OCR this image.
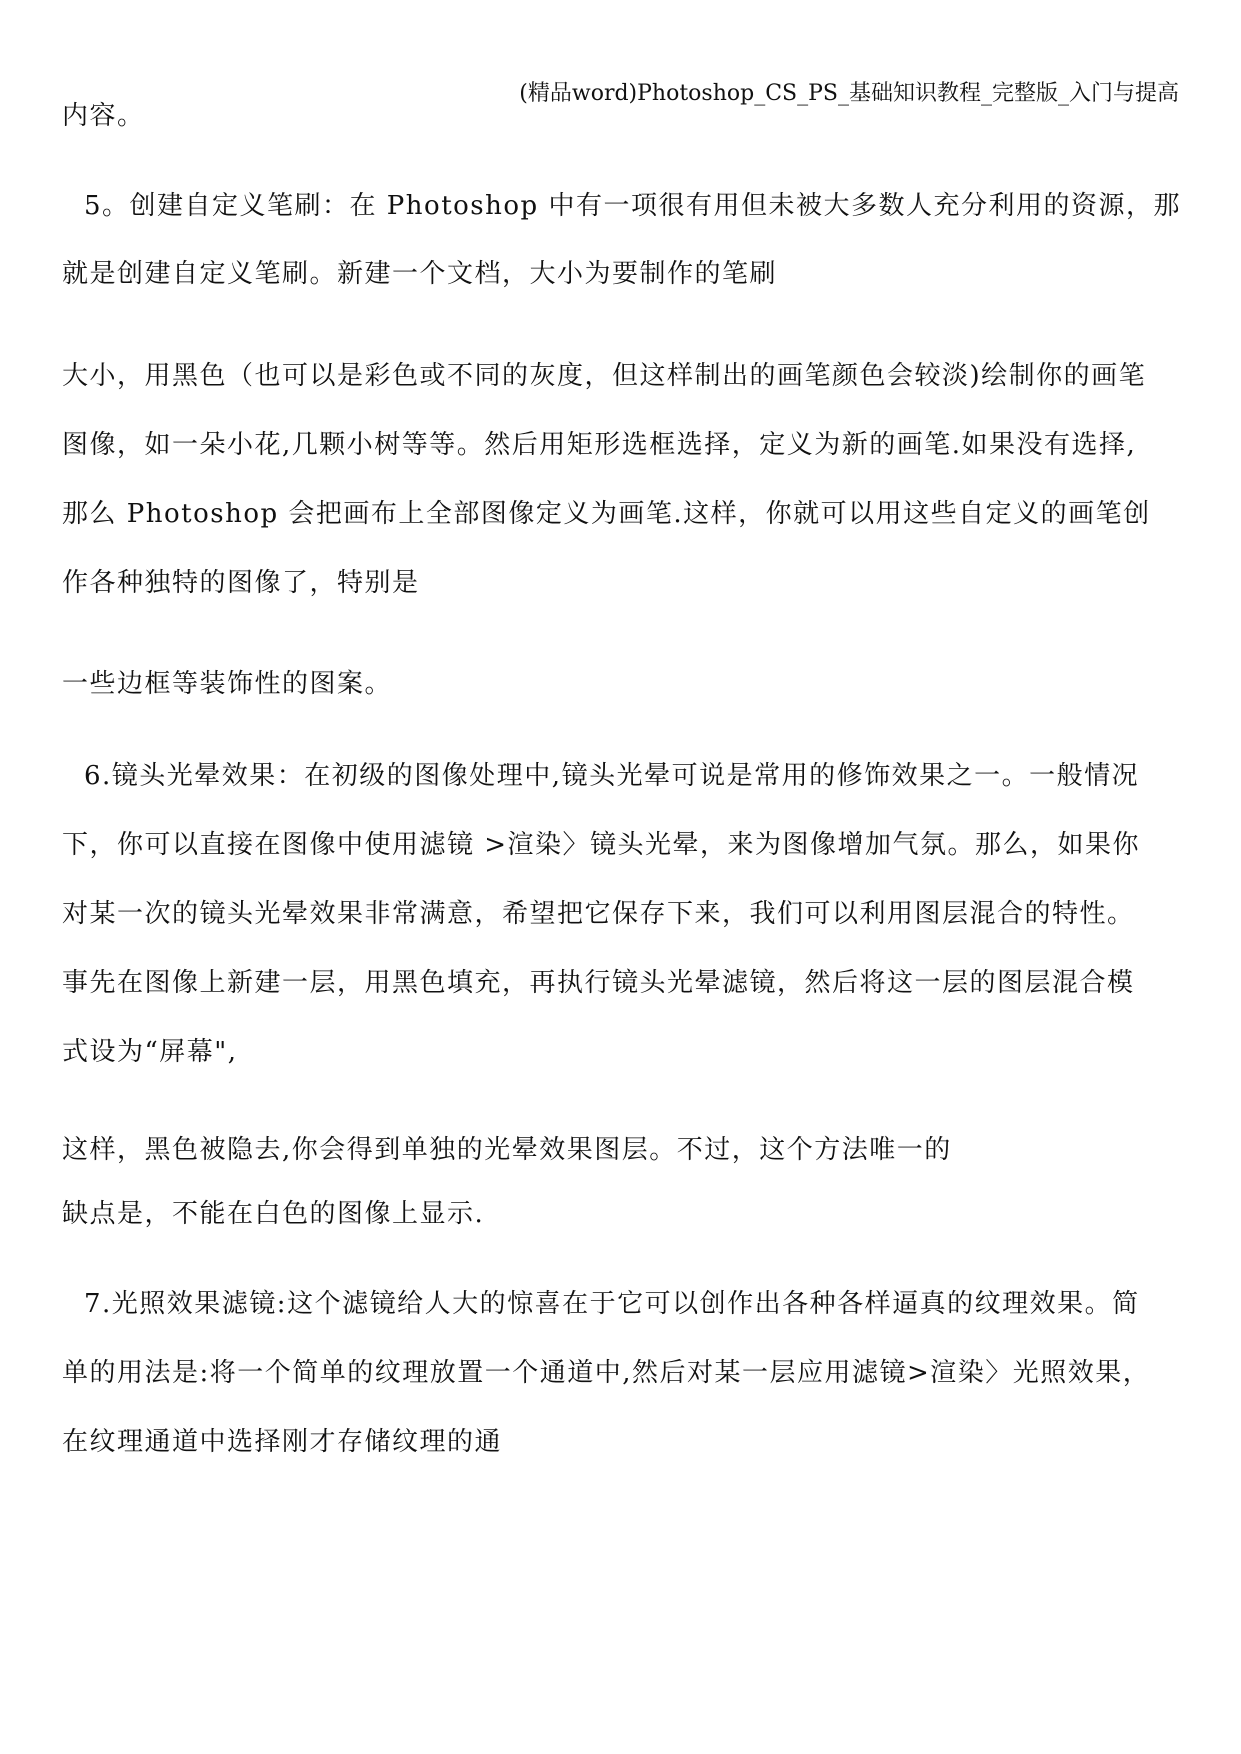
(精品word)Photoshop_CS_PS_基础知识教程_完整版_入门与提高
内容。
5。创建自定义笔刷：在 Photoshop 中有一项很有用但未被大多数人充分利用的资源，那
就是创建自定义笔刷。新建一个文档，大小为要制作的笔刷
大小，用黑色（也可以是彩色或不同的灰度，但这样制出的画笔颜色会较淡)绘制你的画笔
图像，如一朵小花,几颗小树等等。然后用矩形选框选择，定义为新的画笔.如果没有选择,
那么 Photoshop 会把画布上全部图像定义为画笔.这样，你就可以用这些自定义的画笔创
作各种独特的图像了，特别是
一些边框等装饰性的图案。
6.镜头光晕效果：在初级的图像处理中,镜头光晕可说是常用的修饰效果之一。一般情况
下，你可以直接在图像中使用滤镜 >渲染〉镜头光晕，来为图像增加气氛。那么，如果你
对某一次的镜头光晕效果非常满意，希望把它保存下来，我们可以利用图层混合的特性。
事先在图像上新建一层，用黑色填充，再执行镜头光晕滤镜，然后将这一层的图层混合模
式设为“屏幕",
这样，黑色被隐去,你会得到单独的光晕效果图层。不过，这个方法唯一的
缺点是，不能在白色的图像上显示.
7.光照效果滤镜:这个滤镜给人大的惊喜在于它可以创作出各种各样逼真的纹理效果。简
单的用法是:将一个简单的纹理放置一个通道中,然后对某一层应用滤镜>渲染〉光照效果，
在纹理通道中选择刚才存储纹理的通
